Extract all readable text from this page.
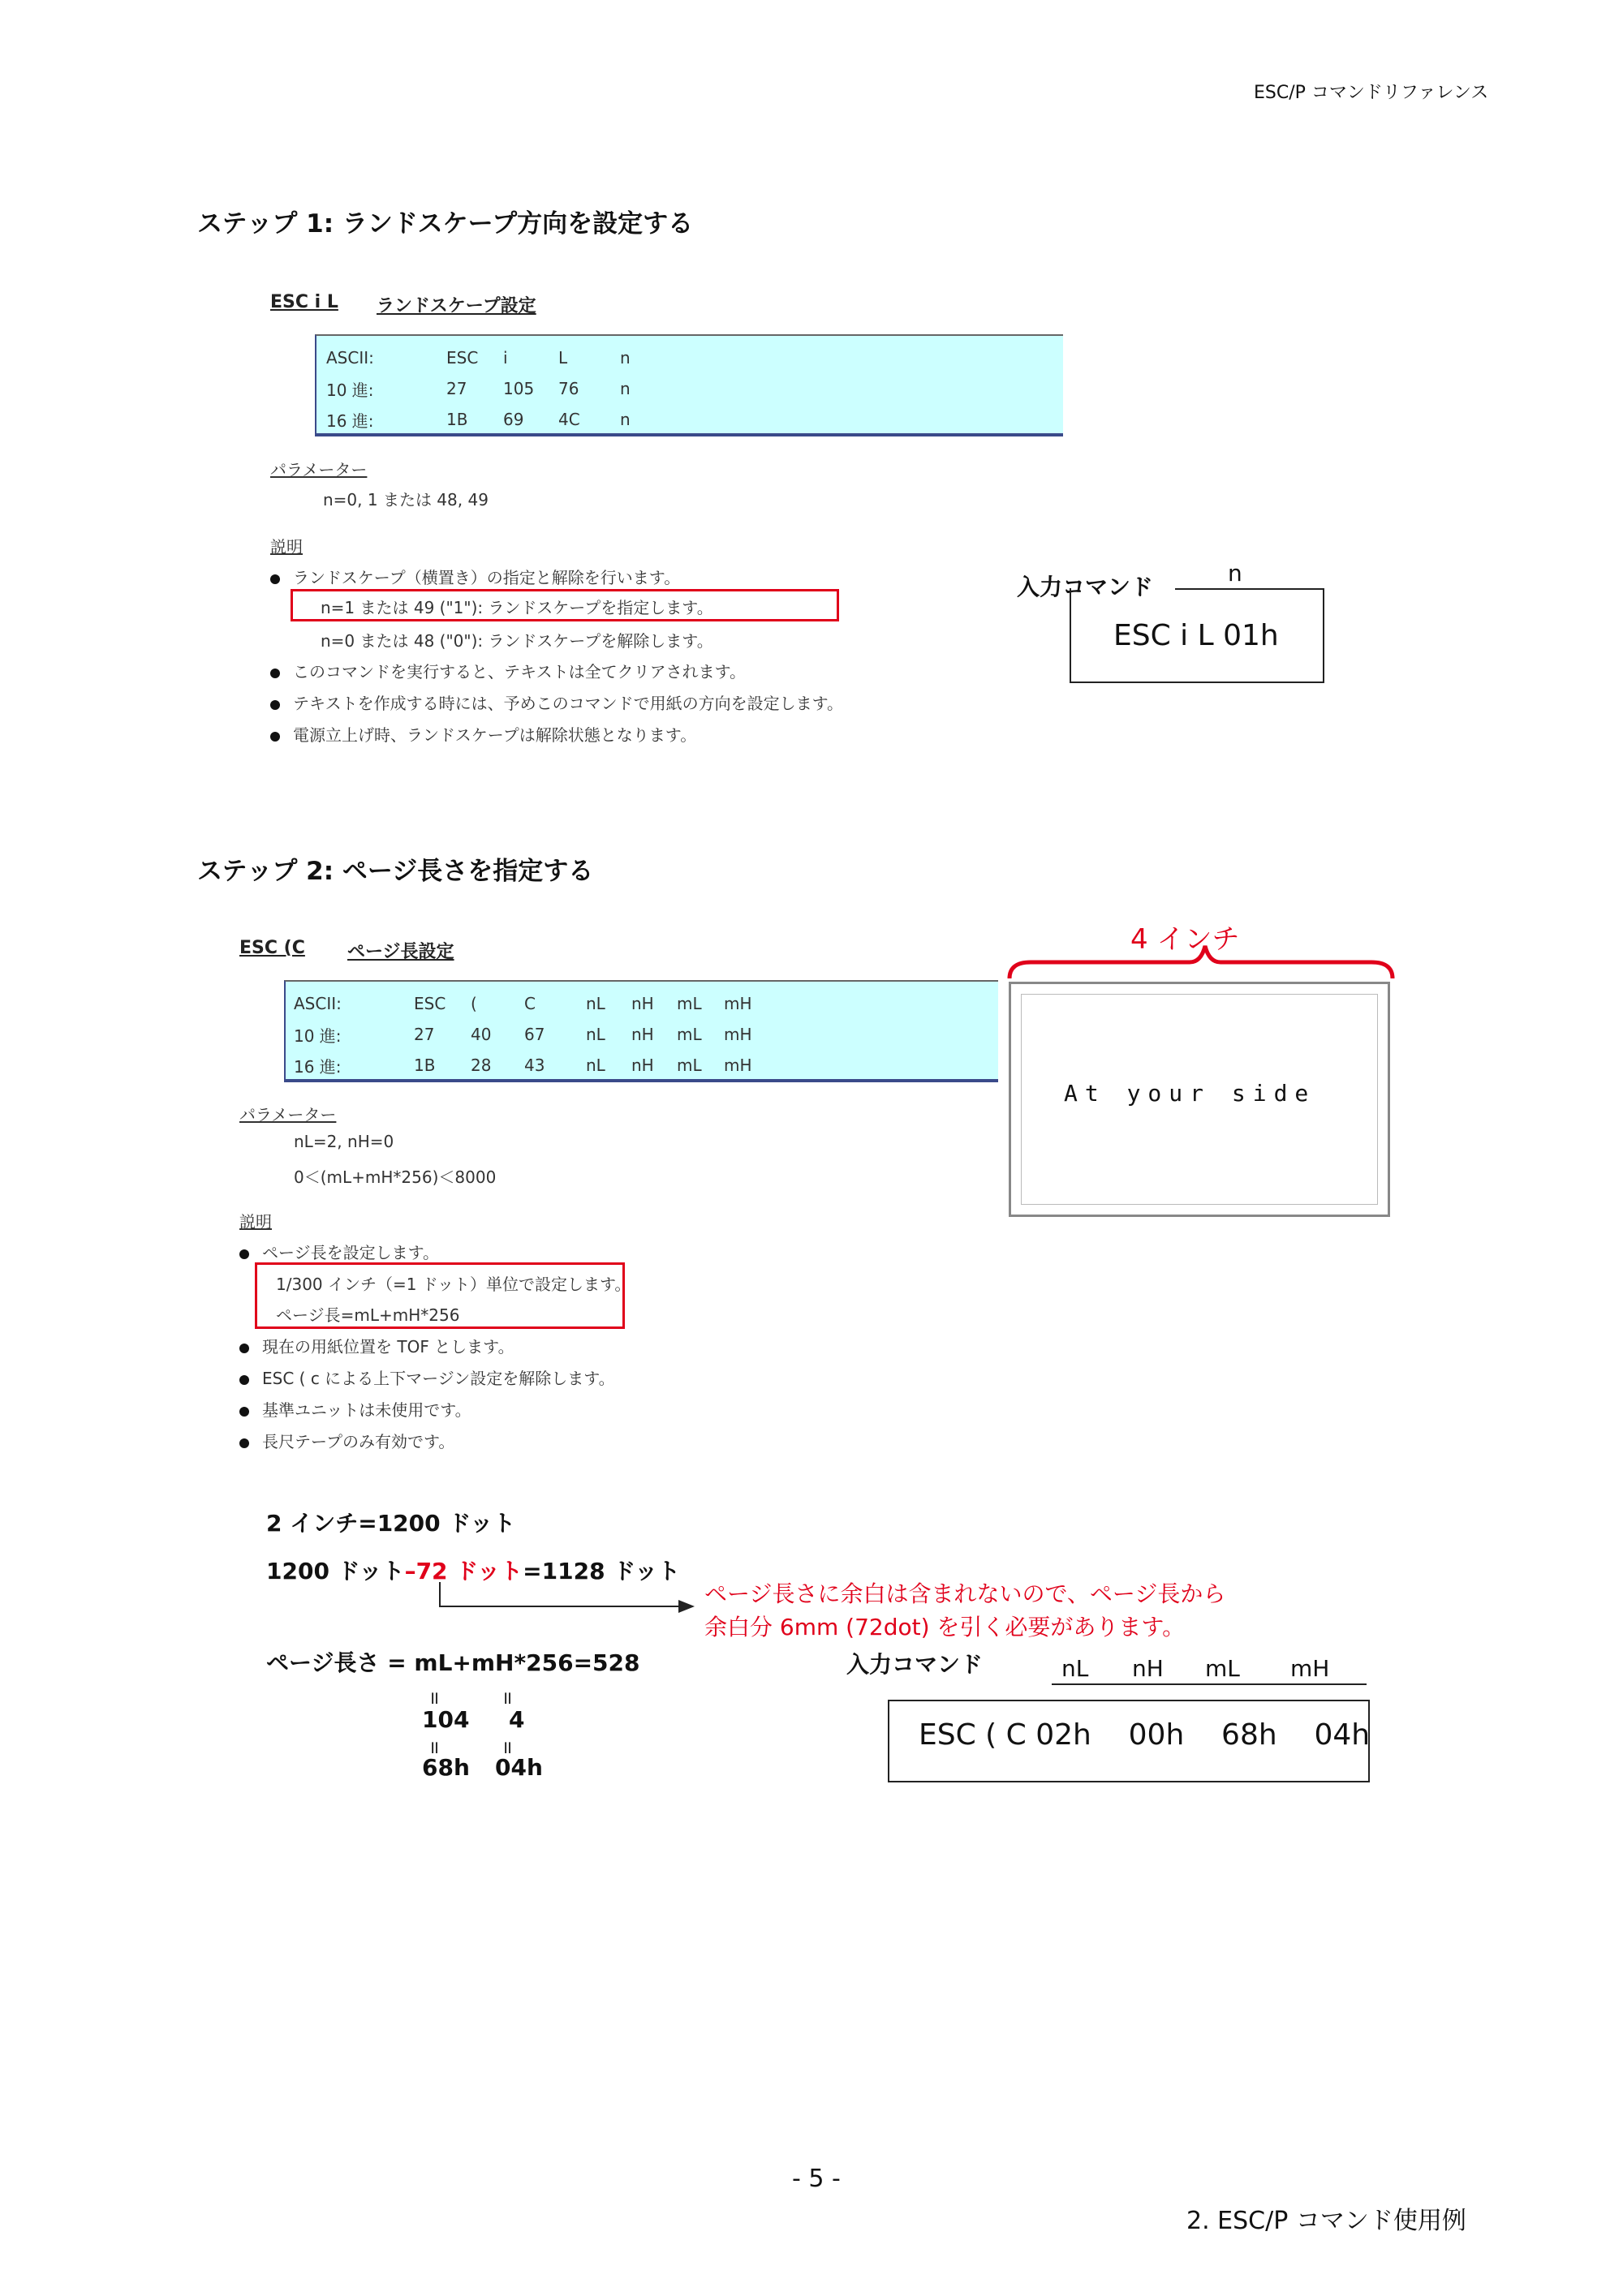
ESC/P コマンドリファレンス
ステップ 1: ランドスケープ方向を設定する
ESC i L ランドスケープ設定
ASCII:	ESC	i	L	n
10 進:	27	105	76	n
16 進:	1B	69	4C	n
パラメーター
n=0, 1 または 48, 49
説明
ランドスケープ（横置き）の指定と解除を行います。
n=1 または 49 ("1"): ランドスケープを指定します。
n=0 または 48 ("0"): ランドスケープを解除します。
このコマンドを実行すると、テキストは全てクリアされます。
テキストを作成する時には、予めこのコマンドで用紙の方向を設定します。
電源立上げ時、ランドスケープは解除状態となります。
入力コマンド
n
ESC i L 01h
ステップ 2: ページ長さを指定する
ESC (C ページ長設定
ASCII:	ESC	(	C	nL	nH	mL	mH
10 進:	27	40	67	nL	nH	mL	mH
16 進:	1B	28	43	nL	nH	mL	mH
パラメーター
nL=2, nH=0
0＜(mL+mH*256)＜8000
説明
ページ長を設定します。
1/300 インチ（=1 ドット）単位で設定します。
ページ長=mL+mH*256
現在の用紙位置を TOF とします。
ESC ( c による上下マージン設定を解除します。
基準ユニットは未使用です。
長尺テープのみ有効です。
4 インチ
At your side
2 インチ=1200 ドット
1200 ドット–72 ドット=1128 ドット
ページ長さに余白は含まれないので、ページ長から
余白分 6mm (72dot) を引く必要があります。
ページ長さ = mL+mH*256=528
॥	॥
104 4
॥	॥
68h 04h
入力コマンド	nL nH mL mH
ESC ( C 02h    00h    68h    04h
- 5 -
2. ESC/P コマンド使用例
